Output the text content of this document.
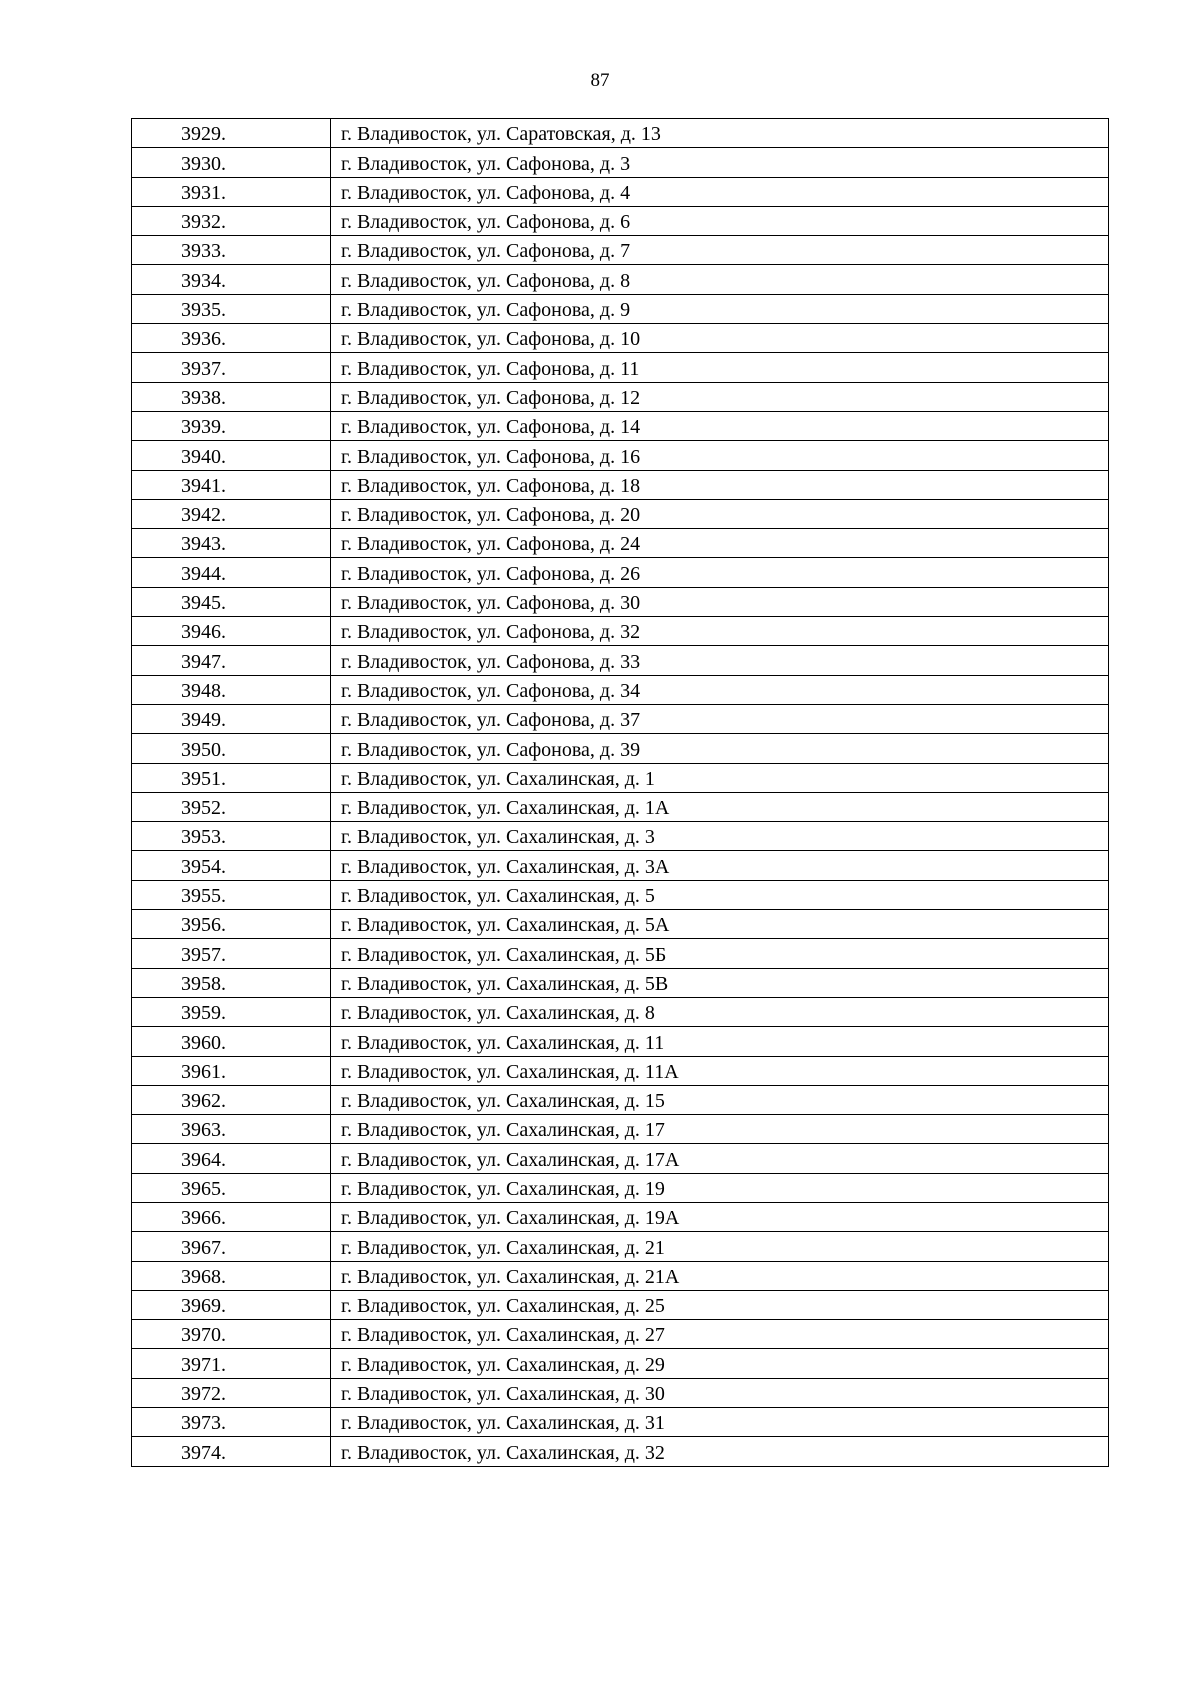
87
3929.	г. Владивосток, ул. Саратовская, д. 13
3930.	г. Владивосток, ул. Сафонова, д. 3
3931.	г. Владивосток, ул. Сафонова, д. 4
3932.	г. Владивосток, ул. Сафонова, д. 6
3933.	г. Владивосток, ул. Сафонова, д. 7
3934.	г. Владивосток, ул. Сафонова, д. 8
3935.	г. Владивосток, ул. Сафонова, д. 9
3936.	г. Владивосток, ул. Сафонова, д. 10
3937.	г. Владивосток, ул. Сафонова, д. 11
3938.	г. Владивосток, ул. Сафонова, д. 12
3939.	г. Владивосток, ул. Сафонова, д. 14
3940.	г. Владивосток, ул. Сафонова, д. 16
3941.	г. Владивосток, ул. Сафонова, д. 18
3942.	г. Владивосток, ул. Сафонова, д. 20
3943.	г. Владивосток, ул. Сафонова, д. 24
3944.	г. Владивосток, ул. Сафонова, д. 26
3945.	г. Владивосток, ул. Сафонова, д. 30
3946.	г. Владивосток, ул. Сафонова, д. 32
3947.	г. Владивосток, ул. Сафонова, д. 33
3948.	г. Владивосток, ул. Сафонова, д. 34
3949.	г. Владивосток, ул. Сафонова, д. 37
3950.	г. Владивосток, ул. Сафонова, д. 39
3951.	г. Владивосток, ул. Сахалинская, д. 1
3952.	г. Владивосток, ул. Сахалинская, д. 1А
3953.	г. Владивосток, ул. Сахалинская, д. 3
3954.	г. Владивосток, ул. Сахалинская, д. 3А
3955.	г. Владивосток, ул. Сахалинская, д. 5
3956.	г. Владивосток, ул. Сахалинская, д. 5А
3957.	г. Владивосток, ул. Сахалинская, д. 5Б
3958.	г. Владивосток, ул. Сахалинская, д. 5В
3959.	г. Владивосток, ул. Сахалинская, д. 8
3960.	г. Владивосток, ул. Сахалинская, д. 11
3961.	г. Владивосток, ул. Сахалинская, д. 11А
3962.	г. Владивосток, ул. Сахалинская, д. 15
3963.	г. Владивосток, ул. Сахалинская, д. 17
3964.	г. Владивосток, ул. Сахалинская, д. 17А
3965.	г. Владивосток, ул. Сахалинская, д. 19
3966.	г. Владивосток, ул. Сахалинская, д. 19А
3967.	г. Владивосток, ул. Сахалинская, д. 21
3968.	г. Владивосток, ул. Сахалинская, д. 21А
3969.	г. Владивосток, ул. Сахалинская, д. 25
3970.	г. Владивосток, ул. Сахалинская, д. 27
3971.	г. Владивосток, ул. Сахалинская, д. 29
3972.	г. Владивосток, ул. Сахалинская, д. 30
3973.	г. Владивосток, ул. Сахалинская, д. 31
3974.	г. Владивосток, ул. Сахалинская, д. 32
